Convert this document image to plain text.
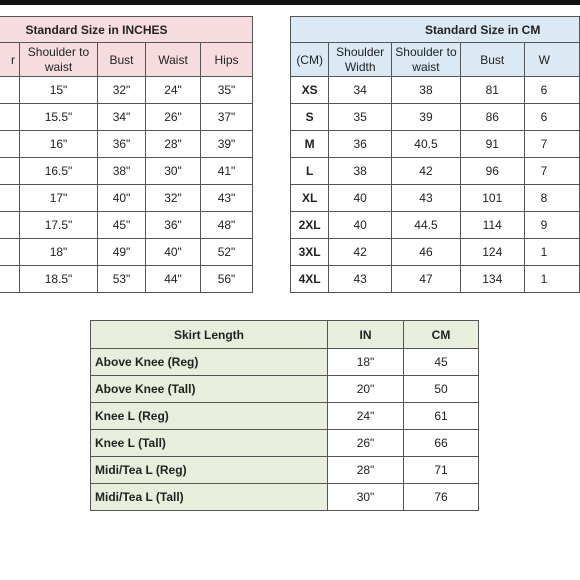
Standard Size in INCHES				
r	Shoulder to waist	Bust	Waist	Hips
	15"	32"	24"	35"
	15.5"	34"	26"	37"
	16"	36"	28"	39"
	16.5"	38"	30"	41"
	17"	40"	32"	43"
	17.5"	45"	36"	48"
	18"	49"	40"	52"
	18.5"	53"	44"	56"
Standard Size in CM				
(CM)	Shoulder Width	Shoulder to waist	Bust	W
XS	34	38	81	6
S	35	39	86	6
M	36	40.5	91	7
L	38	42	96	7
XL	40	43	101	8
2XL	40	44.5	114	9
3XL	42	46	124	1
4XL	43	47	134	1
Skirt Length	IN	CM
Above Knee (Reg)	18"	45
Above Knee (Tall)	20"	50
Knee L (Reg)	24"	61
Knee L (Tall)	26"	66
Midi/Tea L (Reg)	28"	71
Midi/Tea L (Tall)	30"	76
